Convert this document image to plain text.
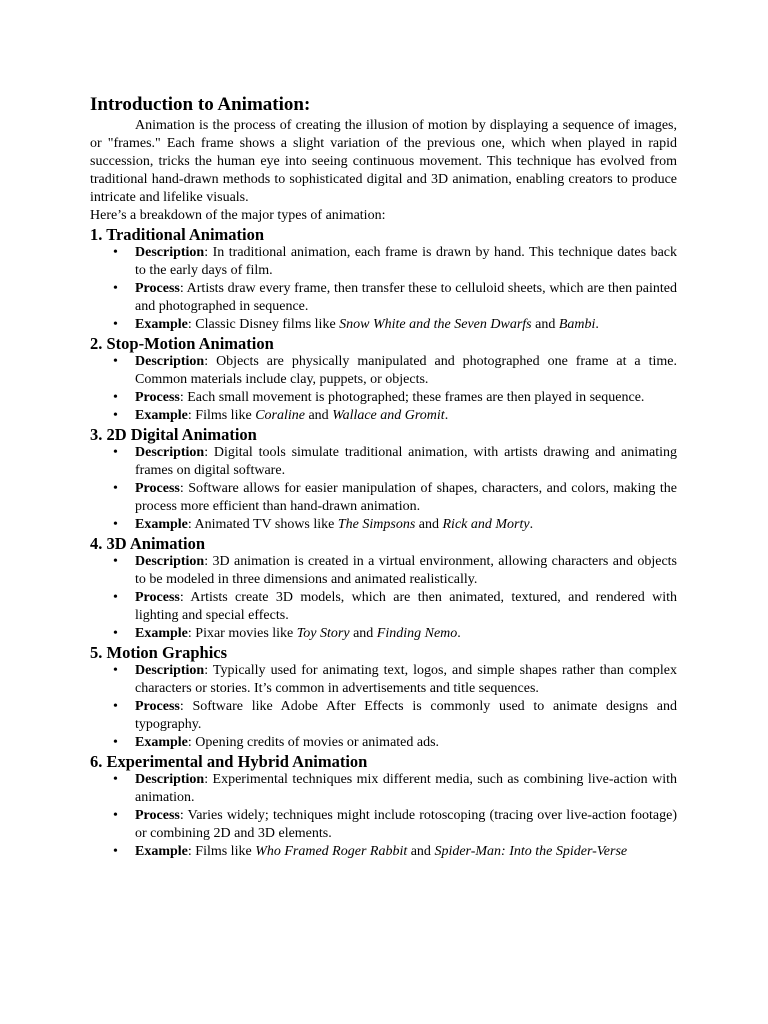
Introduction to Animation:

Animation is the process of creating the illusion of motion by displaying a sequence of images, or "frames." Each frame shows a slight variation of the previous one, which when played in rapid succession, tricks the human eye into seeing continuous movement. This technique has evolved from traditional hand-drawn methods to sophisticated digital and 3D animation, enabling creators to produce intricate and lifelike visuals.

Here’s a breakdown of the major types of animation:

1. Traditional Animation
• Description: In traditional animation, each frame is drawn by hand. This technique dates back to the early days of film.
• Process: Artists draw every frame, then transfer these to celluloid sheets, which are then painted and photographed in sequence.
• Example: Classic Disney films like Snow White and the Seven Dwarfs and Bambi.
2. Stop-Motion Animation
• Description: Objects are physically manipulated and photographed one frame at a time. Common materials include clay, puppets, or objects.
• Process: Each small movement is photographed; these frames are then played in sequence.
• Example: Films like Coraline and Wallace and Gromit.
3. 2D Digital Animation
• Description: Digital tools simulate traditional animation, with artists drawing and animating frames on digital software.
• Process: Software allows for easier manipulation of shapes, characters, and colors, making the process more efficient than hand-drawn animation.
• Example: Animated TV shows like The Simpsons and Rick and Morty.
4. 3D Animation
• Description: 3D animation is created in a virtual environment, allowing characters and objects to be modeled in three dimensions and animated realistically.
• Process: Artists create 3D models, which are then animated, textured, and rendered with lighting and special effects.
• Example: Pixar movies like Toy Story and Finding Nemo.
5. Motion Graphics
• Description: Typically used for animating text, logos, and simple shapes rather than complex characters or stories. It’s common in advertisements and title sequences.
• Process: Software like Adobe After Effects is commonly used to animate designs and typography.
• Example: Opening credits of movies or animated ads.
6. Experimental and Hybrid Animation
• Description: Experimental techniques mix different media, such as combining live-action with animation.
• Process: Varies widely; techniques might include rotoscoping (tracing over live-action footage) or combining 2D and 3D elements.
• Example: Films like Who Framed Roger Rabbit and Spider-Man: Into the Spider-Verse
